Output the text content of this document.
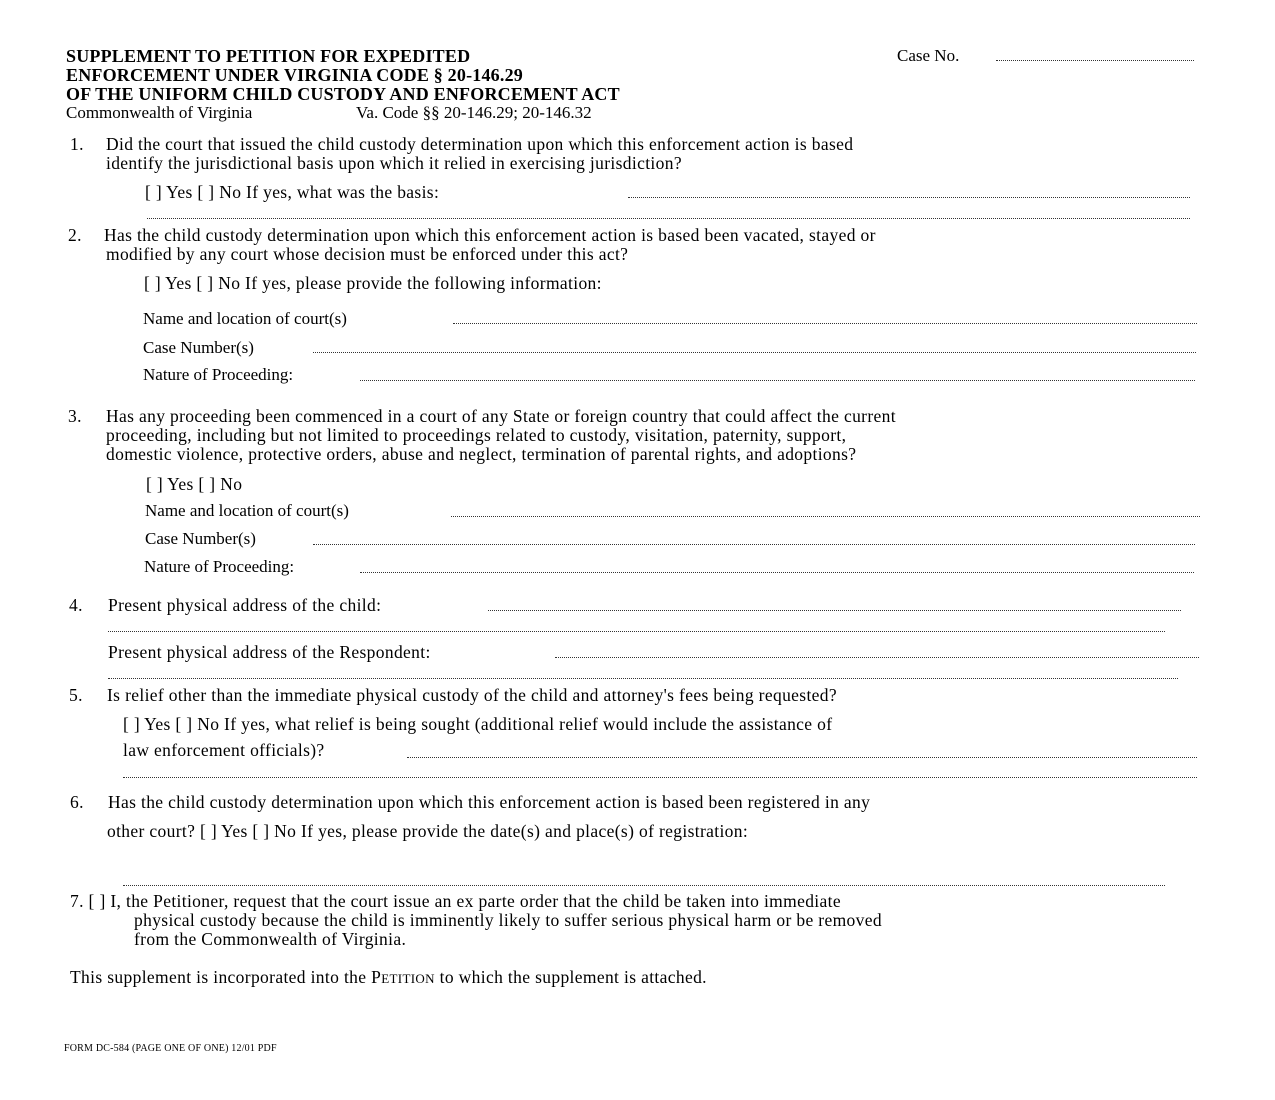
SUPPLEMENT TO PETITION FOR EXPEDITED
ENFORCEMENT UNDER VIRGINIA CODE § 20-146.29
OF THE UNIFORM CHILD CUSTODY AND ENFORCEMENT ACT
Commonwealth of Virginia	Va. Code §§ 20-146.29; 20-146.32
Case No.
1. Did the court that issued the child custody determination upon which this enforcement action is based
identify the jurisdictional basis upon which it relied in exercising jurisdiction?
[ ] Yes [ ] No If yes, what was the basis:
2. Has the child custody determination upon which this enforcement action is based been vacated, stayed or
modified by any court whose decision must be enforced under this act?
[ ] Yes [ ] No If yes, please provide the following information:
Name and location of court(s)
Case Number(s)
Nature of Proceeding:
3. Has any proceeding been commenced in a court of any State or foreign country that could affect the current
proceeding, including but not limited to proceedings related to custody, visitation, paternity, support,
domestic violence, protective orders, abuse and neglect, termination of parental rights, and adoptions?
[ ] Yes [ ] No
Name and location of court(s)
Case Number(s)
Nature of Proceeding:
4. Present physical address of the child:
Present physical address of the Respondent:
5. Is relief other than the immediate physical custody of the child and attorney's fees being requested?
[ ] Yes [ ] No If yes, what relief is being sought (additional relief would include the assistance of
law enforcement officials)?
6. Has the child custody determination upon which this enforcement action is based been registered in any
other court? [ ] Yes [ ] No If yes, please provide the date(s) and place(s) of registration:
7. [ ] I, the Petitioner, request that the court issue an ex parte order that the child be taken into immediate
physical custody because the child is imminently likely to suffer serious physical harm or be removed
from the Commonwealth of Virginia.
This supplement is incorporated into the PETITION to which the supplement is attached.
FORM DC-584 (PAGE ONE OF ONE) 12/01 PDF
